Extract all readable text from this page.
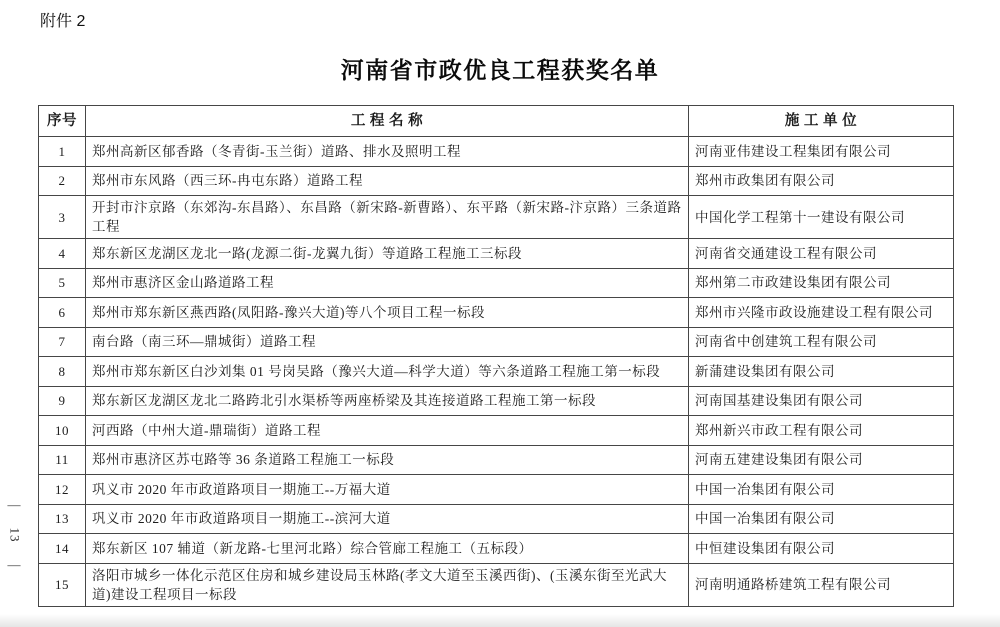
附件 2
河南省市政优良工程获奖名单
序号	工 程 名 称	施 工 单 位
1	郑州高新区郁香路（冬青街-玉兰街）道路、排水及照明工程	河南亚伟建设工程集团有限公司
2	郑州市东风路（西三环-冉屯东路）道路工程	郑州市政集团有限公司
3	开封市汴京路（东郊沟-东昌路）、东昌路（新宋路-新曹路）、东平路（新宋路-汴京路）三条道路工程	中国化学工程第十一建设有限公司
4	郑东新区龙湖区龙北一路(龙源二街-龙翼九街）等道路工程施工三标段	河南省交通建设工程有限公司
5	郑州市惠济区金山路道路工程	郑州第二市政建设集团有限公司
6	郑州市郑东新区燕西路(凤阳路-豫兴大道)等八个项目工程一标段	郑州市兴隆市政设施建设工程有限公司
7	南台路（南三环—鼎城街）道路工程	河南省中创建筑工程有限公司
8	郑州市郑东新区白沙刘集 01 号岗吴路（豫兴大道—科学大道）等六条道路工程施工第一标段	新蒲建设集团有限公司
9	郑东新区龙湖区龙北二路跨北引水渠桥等两座桥梁及其连接道路工程施工第一标段	河南国基建设集团有限公司
10	河西路（中州大道-鼎瑞街）道路工程	郑州新兴市政工程有限公司
11	郑州市惠济区苏屯路等 36 条道路工程施工一标段	河南五建建设集团有限公司
12	巩义市 2020 年市政道路项目一期施工--万福大道	中国一冶集团有限公司
13	巩义市 2020 年市政道路项目一期施工--滨河大道	中国一冶集团有限公司
14	郑东新区 107 辅道（新龙路-七里河北路）综合管廊工程施工（五标段）	中恒建设集团有限公司
15	洛阳市城乡一体化示范区住房和城乡建设局玉林路(孝文大道至玉溪西街)、(玉溪东街至光武大道)建设工程项目一标段	河南明通路桥建筑工程有限公司
—
13
—
